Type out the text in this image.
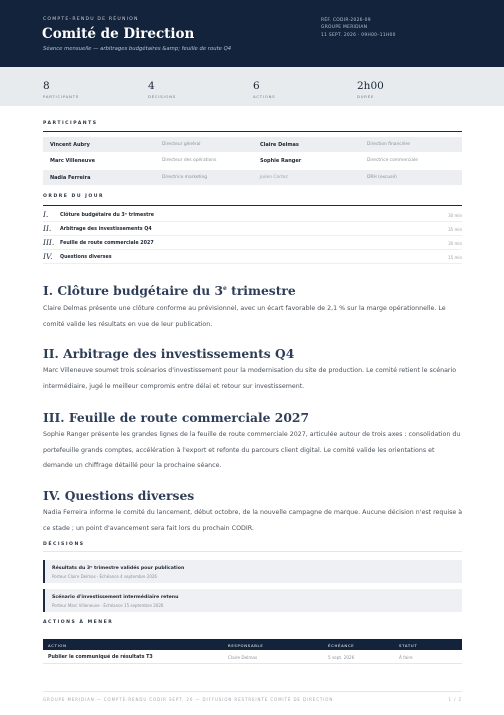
COMPTE-RENDU DE RÉUNION
Comité de Direction
Séance mensuelle — arbitrages budgétaires &amp; feuille de route Q4
RÉF. CODIR-2026-09
GROUPE MERIDIAN
11 SEPT. 2026 · 09H00–11H00
8
PARTICIPANTS
4
DÉCISIONS
6
ACTIONS
2h00
DURÉE
PARTICIPANTS
Vincent Aubry	Directeur général	Claire Delmas	Direction financière
Marc Villeneuve	Directeur des opérations	Sophie Ranger	Directrice commerciale
Nadia Ferreira	Directrice marketing	Julien Cortez	DRH (excusé)
ORDRE DU JOUR
I. Clôture budgétaire du 3ᵉ trimestre	30 min
II. Arbitrage des investissements Q4	35 min
III. Feuille de route commerciale 2027	30 min
IV. Questions diverses	15 min
I. Clôture budgétaire du 3e trimestre
Claire Delmas présente une clôture conforme au prévisionnel, avec un écart favorable de 2,1 % sur la marge opérationnelle. Le comité valide les résultats en vue de leur publication.
II. Arbitrage des investissements Q4
Marc Villeneuve soumet trois scénarios d'investissement pour la modernisation du site de production. Le comité retient le scénario intermédiaire, jugé le meilleur compromis entre délai et retour sur investissement.
III. Feuille de route commerciale 2027
Sophie Ranger présente les grandes lignes de la feuille de route commerciale 2027, articulée autour de trois axes : consolidation du portefeuille grands comptes, accélération à l'export et refonte du parcours client digital. Le comité valide les orientations et demande un chiffrage détaillé pour la prochaine séance.
IV. Questions diverses
Nadia Ferreira informe le comité du lancement, début octobre, de la nouvelle campagne de marque. Aucune décision n'est requise à ce stade ; un point d'avancement sera fait lors du prochain CODIR.
DÉCISIONS
Résultats du 3ᵉ trimestre validés pour publication
Porteur Claire Delmas · Échéance 4 septembre 2026
Scénario d'investissement intermédiaire retenu
Porteur Marc Villeneuve · Échéance 15 septembre 2026
ACTIONS À MENER
ACTION	RESPONSABLE	ÉCHÉANCE	STATUT
Publier le communiqué de résultats T3	Claire Delmas	5 sept. 2026	À faire
GROUPE MERIDIAN — COMPTE-RENDU CODIR SEPT. 26 — DIFFUSION RESTREINTE COMITÉ DE DIRECTION	1 / 2
